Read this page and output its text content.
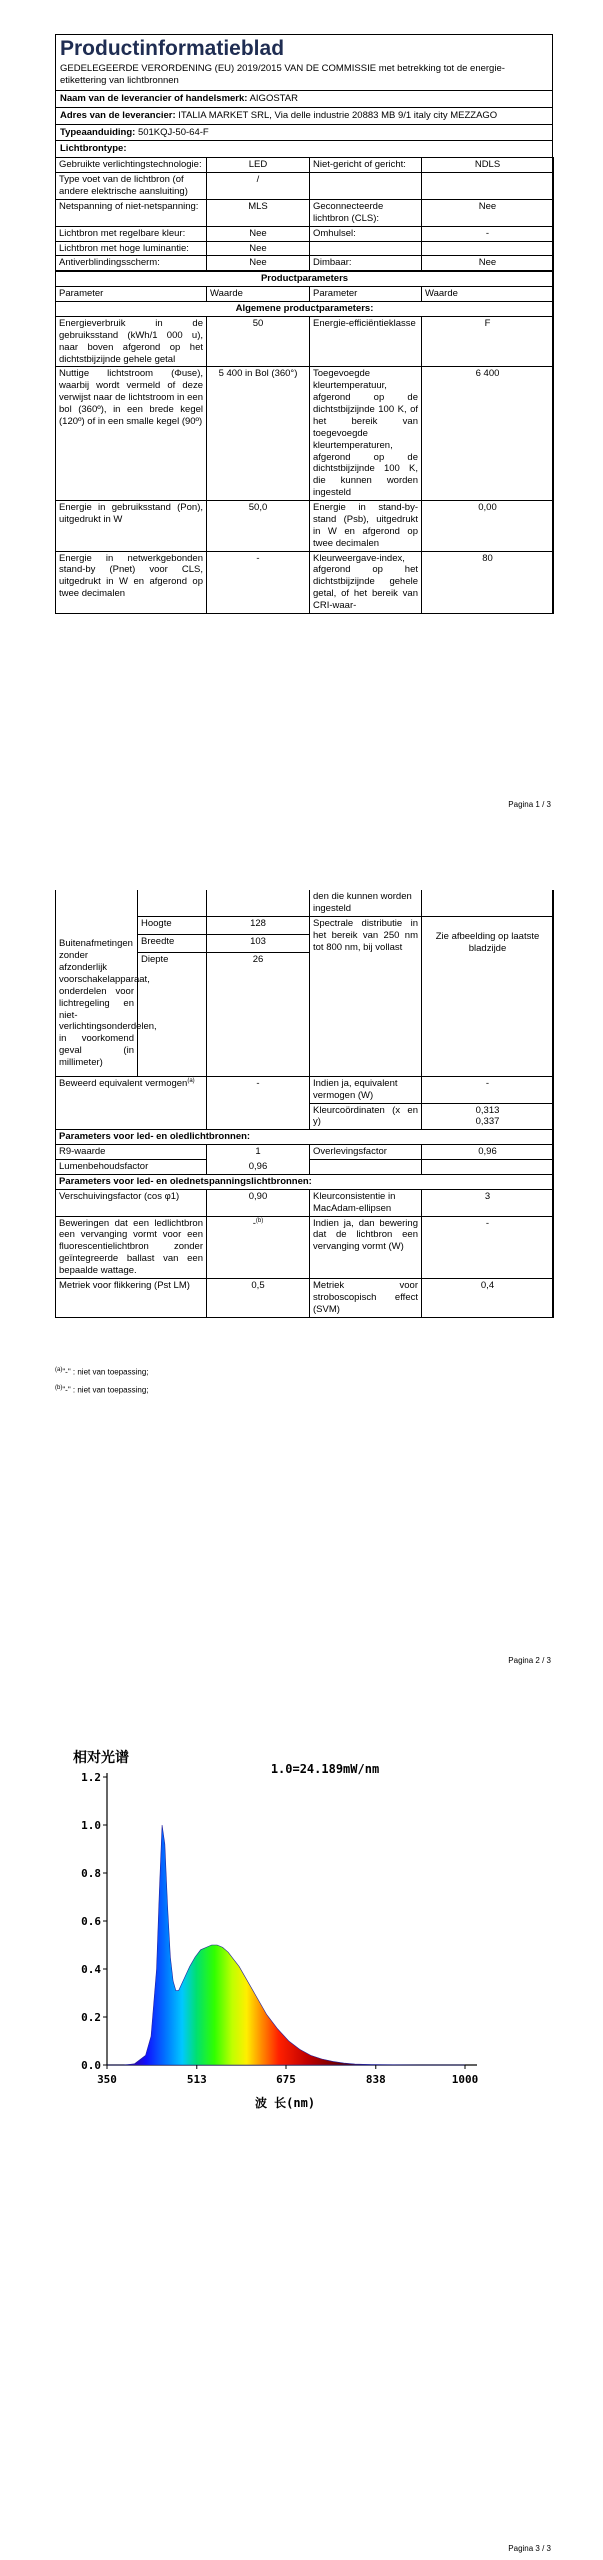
Productinformatieblad
GEDELEGEERDE VERORDENING (EU) 2019/2015 VAN DE COMMISSIE met betrekking tot de energie-etikettering van lichtbronnen
Naam van de leverancier of handelsmerk: AIGOSTAR
Adres van de leverancier: ITALIA MARKET SRL, Via delle industrie 20883 MB 9/1 italy city MEZZAGO
Typeaanduiding: 501KQJ-50-64-F
Lichtbrontype:
Gebruikte verlichtingstechnologie:	LED	Niet-gericht of gericht:	NDLS
Type voet van de lichtbron (of andere elektrische aansluiting)	/		
Netspanning of niet-netspanning:	MLS	Geconnecteerde lichtbron (CLS):	Nee
Lichtbron met regelbare kleur:	Nee	Omhulsel:	-
Lichtbron met hoge luminantie:	Nee		
Antiverblindingsscherm:	Nee	Dimbaar:	Nee
Productparameters			
Parameter	Waarde	Parameter	Waarde
Algemene productparameters:			
Energieverbruik in de gebruiksstand (kWh/1 000 u), naar boven afgerond op het dichtstbijzijnde gehele getal	50	Energie-efficiëntieklasse	F
Nuttige lichtstroom (Φuse), waarbij wordt vermeld of deze verwijst naar de lichtstroom in een bol (360º), in een brede kegel (120º) of in een smalle kegel (90º)	5 400 in Bol (360°)	Toegevoegde kleurtemperatuur, afgerond op de dichtstbijzijnde 100 K, of het bereik van toegevoegde kleurtemperaturen, afgerond op de dichtstbijzijnde 100 K, die kunnen worden ingesteld	6 400
Energie in gebruiksstand (Pon), uitgedrukt in W	50,0	Energie in stand-by-stand (Psb), uitgedrukt in W en afgerond op twee decimalen	0,00
Energie in netwerkgebonden stand-by (Pnet) voor CLS, uitgedrukt in W en afgerond op twee decimalen	-	Kleurweergave-index, afgerond op het dichtstbijzijnde gehele getal, of het bereik van CRI-waar-	80
Pagina 1 / 3
			den die kunnen worden ingesteld	
Buitenafmetingen zonder afzonderlijk voorschakelapparaat, onderdelen voor lichtregeling en niet-verlichtingsonderdelen, in voorkomend geval (in millimeter)	Hoogte	128	Spectrale distributie in het bereik van 250 nm tot 800 nm, bij vollast	Zie afbeelding op laatste bladzijde
	Breedte	103		
	Diepte	26		
Beweerd equivalent vermogen$^{(a)}$		-	Indien ja, equivalent vermogen (W)	-
			Kleurcoördinaten (x en y)	0,313
0,337

Parameters voor led- en oledlichtbronnen:				
R9-waarde		1	Overlevingsfactor	0,96
Lumenbehoudsfactor		0,96		
Parameters voor led- en olednetspanningslichtbronnen:				
Verschuivingsfactor (cos φ1)		0,90	Kleurconsistentie in MacAdam-ellipsen	3
Beweringen dat een ledlichtbron een vervanging vormt voor een fluorescentielichtbron zonder geïntegreerde ballast van een bepaalde wattage.		-$^{(b)}$	Indien ja, dan bewering dat de lichtbron een vervanging vormt (W)	-
Metriek voor flikkering (Pst LM)		0,5	Metriek voor stroboscopisch effect (SVM)	0,4
$^{(a)}$"-" : niet van toepassing;
$^{(b)}$"-" : niet van toepassing;
Pagina 2 / 3
相对光谱
1.0=24.189mW/nm
0.0
0.2
0.4
0.6
0.8
1.0
1.2
350	513	675	838	1000
波 长(nm)
Pagina 3 / 3
